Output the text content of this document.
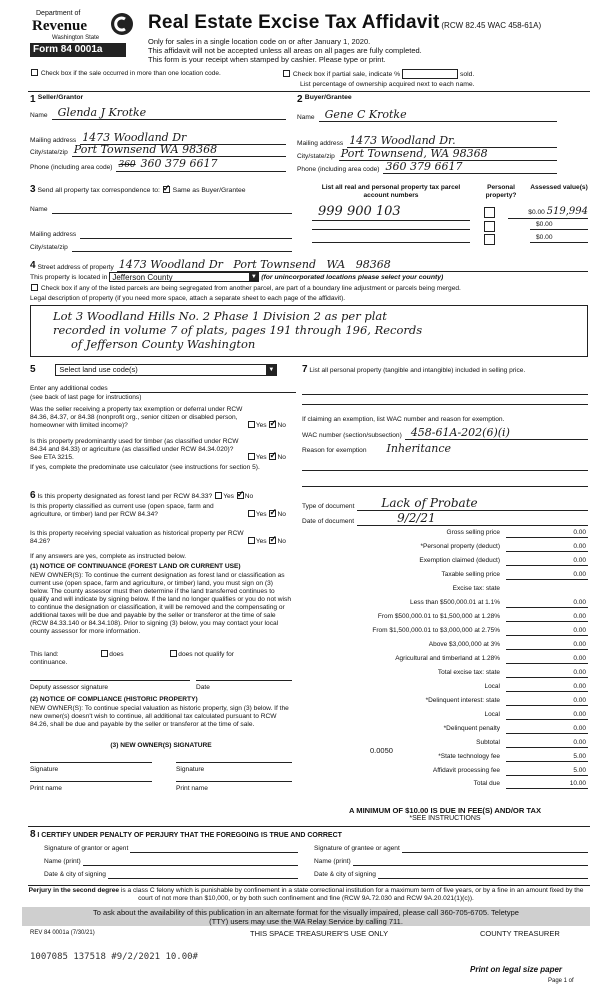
Department of
Revenue
Washington State
Form 84 0001a
Check box if the sale occurred in more than one location code.
Real Estate Excise Tax Affidavit (RCW 82.45 WAC 458-61A)
Only for sales in a single location code on or after January 1, 2020.
This affidavit will not be accepted unless all areas on all pages are fully completed.
This form is your receipt when stamped by cashier. Please type or print.
Check box if partial sale, indicate %	sold.
List percentage of ownership acquired next to each name.
1 $^{Seller/Grantor}$
Name Glenda J Krotke
Mailing address 1473 Woodland Dr
City/state/zip Port Townsend WA 98368
Phone (including area code) 360 360 379 6617
2 $^{Buyer/Grantee}$
Name Gene C Krotke
Mailing address 1473 Woodland Dr.
City/state/zip Port Townsend, WA 98368
Phone (including area code) 360 379 6617
3 Send all property tax correspondence to: ✓ Same as Buyer/Grantee
Name
Mailing address
City/state/zip
List all real and personal property tax parcel account numbers
Personal property?
Assessed value(s)
999 900 103	$0.00 519,994
$0.00
$0.00
4 Street address of property 1473 Woodland Dr   Port Townsend   WA   98368
This property is located in Jefferson County	▼ (for unincorporated locations please select your county)
Check box if any of the listed parcels are being segregated from another parcel, are part of a boundary line adjustment or parcels being merged.
Legal description of property (if you need more space, attach a separate sheet to each page of the affidavit).
Lot 3 Woodland Hills No. 2 Phase 1 Division 2 as per plat
recorded in volume 7 of plats, pages 191 through 196, Records
of Jefferson County Washington
5	Select land use code(s)	▼
Enter any additional codes
(see back of last page for instructions)
Was the seller receiving a property tax exemption or deferral under RCW 84.36, 84.37, or 84.38 (nonprofit org., senior citizen or disabled person, homeowner with limited income)?	Yes ✓ No
Is this property predominantly used for timber (as classified under RCW 84.34 and 84.33) or agriculture (as classified under RCW 84.34.020)? See ETA 3215.	Yes ✓ No
If yes, complete the predominate use calculator (see instructions for section 5).
6 Is this property designated as forest land per RCW 84.33? Yes ✓ No
Is this property classified as current use (open space, farm and agriculture, or timber) land per RCW 84.34?	Yes ✓ No
Is this property receiving special valuation as historical property per RCW 84.26?	Yes ✓ No
If any answers are yes, complete as instructed below.
(1) NOTICE OF CONTINUANCE (FOREST LAND OR CURRENT USE)
NEW OWNER(S): To continue the current designation as forest land or classification as current use (open space, farm and agriculture, or timber) land, you must sign on (3) below. The county assessor must then determine if the land transferred continues to qualify and will indicate by signing below. If the land no longer qualifies or you do not wish to continue the designation or classification, it will be removed and the compensating or additional taxes will be due and payable by the seller or transferor at the time of sale (RCW 84.33.140 or 84.34.108). Prior to signing (3) below, you may contact your local county assessor for more information.
This land:	does	does not qualify for
continuance.
Deputy assessor signature	Date
(2) NOTICE OF COMPLIANCE (HISTORIC PROPERTY)
NEW OWNER(S): To continue special valuation as historic property, sign (3) below. If the new owner(s) doesn't wish to continue, all additional tax calculated pursuant to RCW 84.26, shall be due and payable by the seller or transferor at the time of sale.
(3) NEW OWNER(S) SIGNATURE
Signature	Signature
Print name	Print name
7 List all personal property (tangible and intangible) included in selling price.
If claiming an exemption, list WAC number and reason for exemption.
WAC number (section/subsection) 458-61A-202(6)(i)
Reason for exemption Inheritance
Type of document	Lack of Probate
Date of document	9/2/21
Gross selling price	0.00
*Personal property (deduct)	0.00
Exemption claimed (deduct)	0.00
Taxable selling price	0.00
Excise tax: state
Less than $500,000.01 at 1.1%	0.00
From $500,000.01 to $1,500,000 at 1.28%	0.00
From $1,500,000.01 to $3,000,000 at 2.75%	0.00
Above $3,000,000 at 3%	0.00
Agricultural and timberland at 1.28%	0.00
Total excise tax: state	0.00
Local	0.00
*Delinquent interest: state	0.00
Local	0.00
*Delinquent penalty	0.00
Subtotal	0.00
*State technology fee	5.00
Affidavit processing fee	5.00
Total due	10.00
0.0050
A MINIMUM OF $10.00 IS DUE IN FEE(S) AND/OR TAX
*SEE INSTRUCTIONS
8 I CERTIFY UNDER PENALTY OF PERJURY THAT THE FOREGOING IS TRUE AND CORRECT
Signature of grantor or agent	Signature of grantee or agent
Name (print)	Name (print)
Date & city of signing	Date & city of signing
Perjury in the second degree is a class C felony which is punishable by confinement in a state correctional institution for a maximum term of five years, or by a fine in an amount fixed by the court of not more than $10,000, or by both such confinement and fine (RCW 9A.72.030 and RCW 9A.20.021(1)(c)).
To ask about the availability of this publication in an alternate format for the visually impaired, please call 360-705-6705. Teletype
(TTY) users may use the WA Relay Service by calling 711.
REV 84 0001a (7/30/21)	THIS SPACE TREASURER'S USE ONLY	COUNTY TREASURER
1007085 137518 #9/2/2021 10.00#
Print on legal size paper
Page 1 of
